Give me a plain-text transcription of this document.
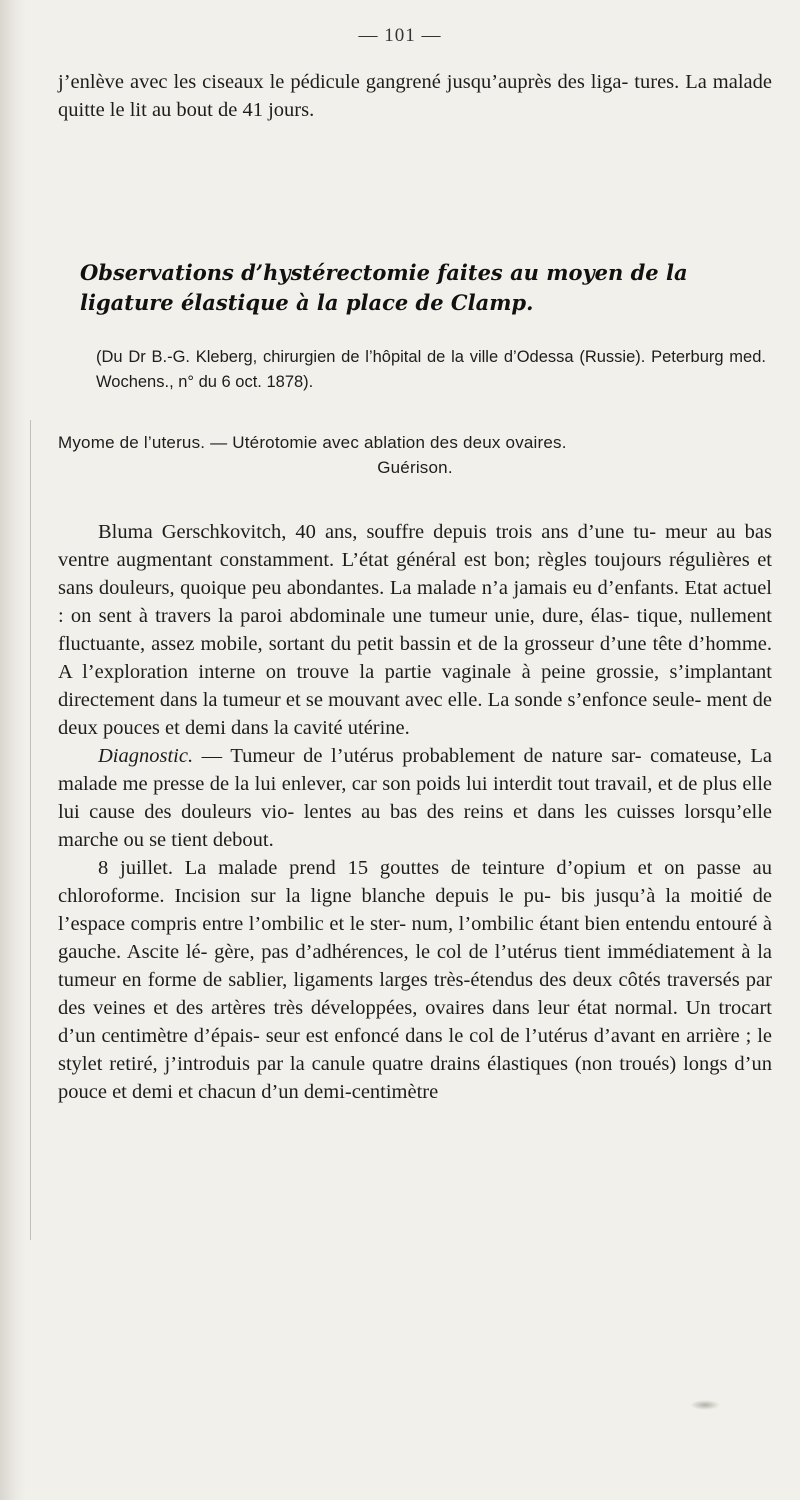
— 101 —
j’enlève avec les ciseaux le pédicule gangrené jusqu’auprès des liga- tures. La malade quitte le lit au bout de 41 jours.
Observations d’hystérectomie faites au moyen de la ligature élastique à la place de Clamp.
(Du Dr B.-G. Kleberg, chirurgien de l’hôpital de la ville d’Odessa (Russie). Peterburg med. Wochens., n° du 6 oct. 1878).
Myome de l’uterus. — Utérotomie avec ablation des deux ovaires.
Guérison.

Bluma Gerschkovitch, 40 ans, souffre depuis trois ans d’une tu- meur au bas ventre augmentant constamment. L’état général est bon; règles toujours régulières et sans douleurs, quoique peu abondantes. La malade n’a jamais eu d’enfants. Etat actuel : on sent à travers la paroi abdominale une tumeur unie, dure, élas- tique, nullement fluctuante, assez mobile, sortant du petit bassin et de la grosseur d’une tête d’homme. A l’exploration interne on trouve la partie vaginale à peine grossie, s’implantant directement dans la tumeur et se mouvant avec elle. La sonde s’enfonce seule- ment de deux pouces et demi dans la cavité utérine.

Diagnostic. — Tumeur de l’utérus probablement de nature sar- comateuse, La malade me presse de la lui enlever, car son poids lui interdit tout travail, et de plus elle lui cause des douleurs vio- lentes au bas des reins et dans les cuisses lorsqu’elle marche ou se tient debout.

8 juillet. La malade prend 15 gouttes de teinture d’opium et on passe au chloroforme. Incision sur la ligne blanche depuis le pu- bis jusqu’à la moitié de l’espace compris entre l’ombilic et le ster- num, l’ombilic étant bien entendu entouré à gauche. Ascite lé- gère, pas d’adhérences, le col de l’utérus tient immédiatement à la tumeur en forme de sablier, ligaments larges très-étendus des deux côtés traversés par des veines et des artères très développées, ovaires dans leur état normal. Un trocart d’un centimètre d’épais- seur est enfoncé dans le col de l’utérus d’avant en arrière ; le stylet retiré, j’introduis par la canule quatre drains élastiques (non troués) longs d’un pouce et demi et chacun d’un demi-centimètre
